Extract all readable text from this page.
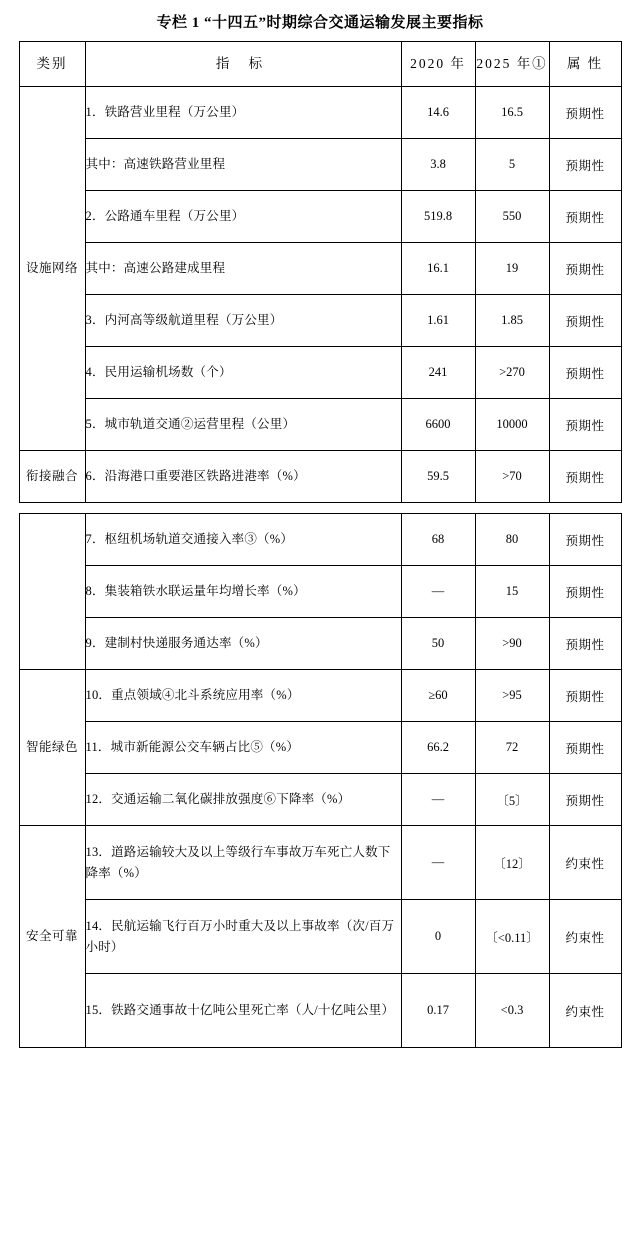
专栏 1 “十四五”时期综合交通运输发展主要指标
类别	指 标	2020 年	2025 年①	属 性
设施网络	1．铁路营业里程（万公里）	14.6	16.5	预期性
	其中：高速铁路营业里程	3.8	5	预期性
	2．公路通车里程（万公里）	519.8	550	预期性
	其中：高速公路建成里程	16.1	19	预期性
	3．内河高等级航道里程（万公里）	1.61	1.85	预期性
	4．民用运输机场数（个）	241	>270	预期性
	5．城市轨道交通②运营里程（公里）	6600	10000	预期性
衔接融合	6．沿海港口重要港区铁路进港率（%）	59.5	>70	预期性
	7．枢纽机场轨道交通接入率③（%）	68	80	预期性
	8．集装箱铁水联运量年均增长率（%）	—	15	预期性
	9．建制村快递服务通达率（%）	50	>90	预期性
智能绿色	10．重点领域④北斗系统应用率（%）	≥60	>95	预期性
	11．城市新能源公交车辆占比⑤（%）	66.2	72	预期性
	12．交通运输二氧化碳排放强度⑥下降率（%）	—	〔5〕	预期性
安全可靠	13．道路运输较大及以上等级行车事故万车死亡人数下降率（%）	—	〔12〕	约束性
	14．民航运输飞行百万小时重大及以上事故率（次/百万小时）	0	〔<0.11〕	约束性
	15．铁路交通事故十亿吨公里死亡率（人/十亿吨公里）	0.17	<0.3	约束性
